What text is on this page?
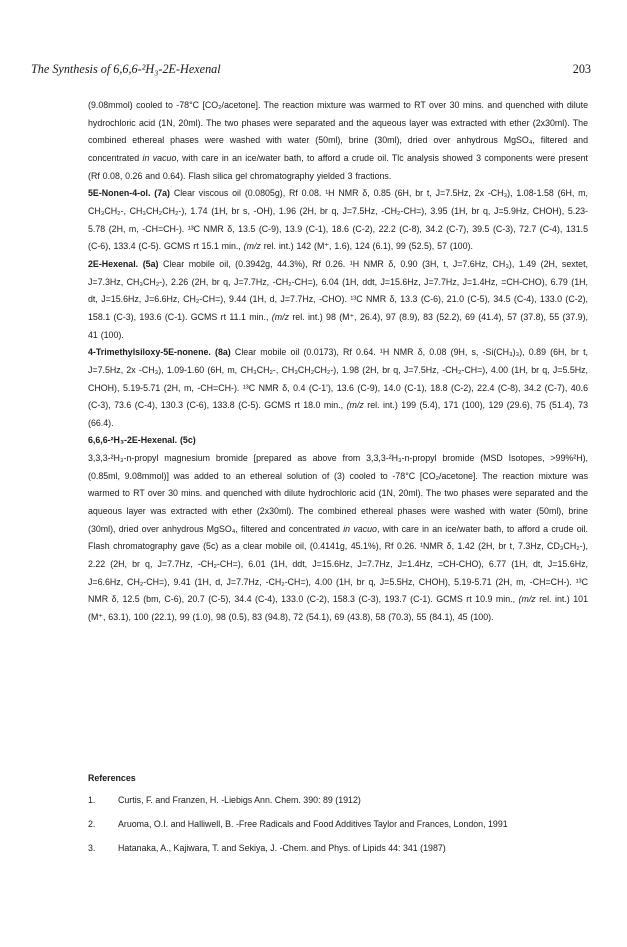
The Synthesis of 6,6,6-²H₃-2E-Hexenal	203

(9.08mmol) cooled to -78°C [CO₂/acetone]. The reaction mixture was warmed to RT over 30 mins. and quenched with dilute hydrochloric acid (1N, 20ml). The two phases were separated and the aqueous layer was extracted with ether (2x30ml). The combined ethereal phases were washed with water (50ml), brine (30ml), dried over anhydrous MgSO₄, filtered and concentrated in vacuo, with care in an ice/water bath, to afford a crude oil. Tlc analysis showed 3 components were present (Rf 0.08, 0.26 and 0.64). Flash silica gel chromatography yielded 3 fractions.

5E-Nonen-4-ol. (7a) Clear viscous oil (0.0805g), Rf 0.08. ¹H NMR δ, 0.85 (6H, br t, J=7.5Hz, 2x -CH₃), 1.08-1.58 (6H, m, CH₃CH₂-, CH₃CH₂CH₂-), 1.74 (1H, br s, -OH), 1.96 (2H, br q, J=7.5Hz, -CH₂-CH=), 3.95 (1H, br q, J=5.9Hz, CHOH), 5.23-5.78 (2H, m, -CH=CH-). ¹³C NMR δ, 13.5 (C-9), 13.9 (C-1), 18.6 (C-2), 22.2 (C-8), 34.2 (C-7), 39.5 (C-3), 72.7 (C-4), 131.5 (C-6), 133.4 (C-5). GCMS rt 15.1 min., (m/z rel. int.) 142 (M⁺, 1.6), 124 (6.1), 99 (52.5), 57 (100).

2E-Hexenal. (5a) Clear mobile oil, (0.3942g, 44.3%), Rf 0.26. ¹H NMR δ, 0.90 (3H, t, J=7.6Hz, CH₃), 1.49 (2H, sextet, J=7.3Hz, CH₃CH₂-), 2.26 (2H, br q, J=7.7Hz, -CH₂-CH=), 6.04 (1H, ddt, J=15.6Hz, J=7.7Hz, J=1.4Hz, =CH-CHO), 6.79 (1H, dt, J=15.6Hz, J=6.6Hz, CH₂-CH=), 9.44 (1H, d, J=7.7Hz, -CHO). ¹³C NMR δ, 13.3 (C-6), 21.0 (C-5), 34.5 (C-4), 133.0 (C-2), 158.1 (C-3), 193.6 (C-1). GCMS rt 11.1 min., (m/z rel. int.) 98 (M⁺, 26.4), 97 (8.9), 83 (52.2), 69 (41.4), 57 (37.8), 55 (37.9), 41 (100).

4-Trimethylsiloxy-5E-nonene. (8a) Clear mobile oil (0.0173), Rf 0.64. ¹H NMR δ, 0.08 (9H, s, -Si(CH₃)₃), 0.89 (6H, br t, J=7.5Hz, 2x -CH₃), 1.09-1.60 (6H, m, CH₃CH₂-, CH₃CH₂CH₂-), 1.98 (2H, br q, J=7.5Hz, -CH₂-CH=), 4.00 (1H, br q, J=5.5Hz, CHOH), 5.19-5.71 (2H, m, -CH=CH-). ¹³C NMR δ, 0.4 (C-1'), 13.6 (C-9), 14.0 (C-1), 18.8 (C-2), 22.4 (C-8), 34.2 (C-7), 40.6 (C-3), 73.6 (C-4), 130.3 (C-6), 133.8 (C-5). GCMS rt 18.0 min., (m/z rel. int.) 199 (5.4), 171 (100), 129 (29.6), 75 (51.4), 73 (66.4).

6,6,6-²H₃-2E-Hexenal. (5c)

3,3,3-²H₃-n-propyl magnesium bromide [prepared as above from 3,3,3-²H₃-n-propyl bromide (MSD Isotopes, >99%²H), (0.85ml, 9.08mmol)] was added to an ethereal solution of (3) cooled to -78°C [CO₂/acetone]. The reaction mixture was warmed to RT over 30 mins. and quenched with dilute hydrochloric acid (1N, 20ml). The two phases were separated and the aqueous layer was extracted with ether (2x30ml). The combined ethereal phases were washed with water (50ml), brine (30ml), dried over anhydrous MgSO₄, filtered and concentrated in vacuo, with care in an ice/water bath, to afford a crude oil. Flash chromatography gave (5c) as a clear mobile oil, (0.4141g, 45.1%), Rf 0.26. ¹NMR δ, 1.42 (2H, br t, 7.3Hz, CD₃CH₂-), 2.22 (2H, br q, J=7.7Hz, -CH₂-CH=), 6.01 (1H, ddt, J=15.6Hz, J=7.7Hz, J=1.4Hz, =CH-CHO), 6.77 (1H, dt, J=15.6Hz, J=6.6Hz, CH₂-CH=), 9.41 (1H, d, J=7.7Hz, -CH₂-CH=), 4.00 (1H, br q, J=5.5Hz, CHOH), 5.19-5.71 (2H, m, -CH=CH-). ¹³C NMR δ, 12.5 (bm, C-6), 20.7 (C-5), 34.4 (C-4), 133.0 (C-2), 158.3 (C-3), 193.7 (C-1). GCMS rt 10.9 min., (m/z rel. int.) 101 (M⁺, 63.1), 100 (22.1), 99 (1.0), 98 (0.5), 83 (94.8), 72 (54.1), 69 (43.8), 58 (70.3), 55 (84.1), 45 (100).

References

1.	Curtis, F. and Franzen, H. -Liebigs Ann. Chem. 390: 89 (1912)
2.	Aruoma, O.I. and Halliwell, B. -Free Radicals and Food Additives Taylor and Frances, London, 1991
3.	Hatanaka, A., Kajiwara, T. and Sekiya, J. -Chem. and Phys. of Lipids 44: 341 (1987)
